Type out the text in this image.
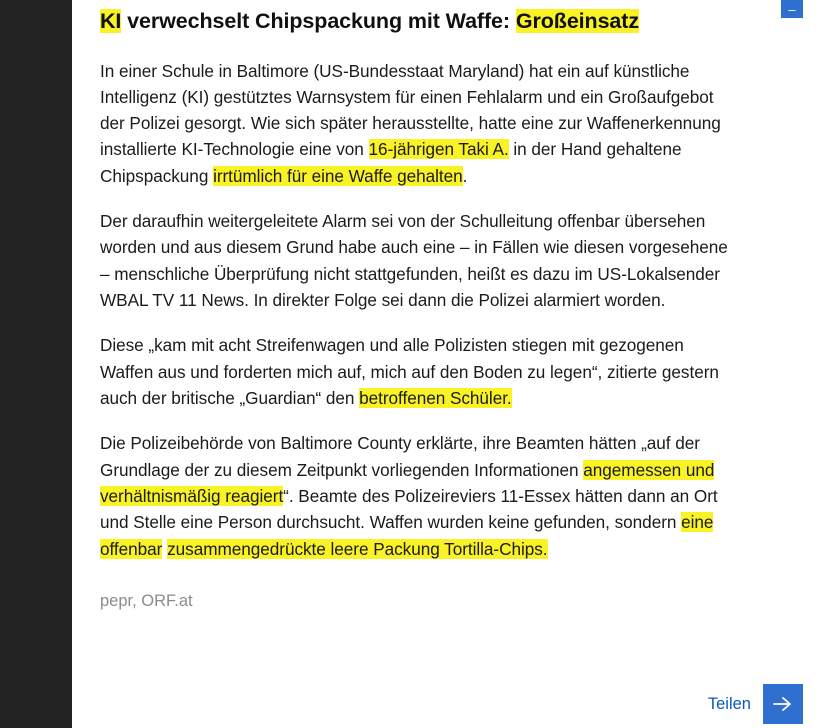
–
KI verwechselt Chipspackung mit Waffe: Großeinsatz

In einer Schule in Baltimore (US-Bundesstaat Maryland) hat ein auf künstliche Intelligenz (KI) gestütztes Warnsystem für einen Fehlalarm und ein Großaufgebot der Polizei gesorgt. Wie sich später herausstellte, hatte eine zur Waffenerkennung installierte KI-Technologie eine von 16-jährigen Taki A. in der Hand gehaltene Chipspackung irrtümlich für eine Waffe gehalten.

Der daraufhin weitergeleitete Alarm sei von der Schulleitung offenbar übersehen worden und aus diesem Grund habe auch eine – in Fällen wie diesen vorgesehene – menschliche Überprüfung nicht stattgefunden, heißt es dazu im US-Lokalsender WBAL TV 11 News. In direkter Folge sei dann die Polizei alarmiert worden.

Diese „kam mit acht Streifenwagen und alle Polizisten stiegen mit gezogenen Waffen aus und forderten mich auf, mich auf den Boden zu legen“, zitierte gestern auch der britische „Guardian“ den betroffenen Schüler.

Die Polizeibehörde von Baltimore County erklärte, ihre Beamten hätten „auf der Grundlage der zu diesem Zeitpunkt vorliegenden Informationen angemessen und verhältnismäßig reagiert“. Beamte des Polizeireviers 11-Essex hätten dann an Ort und Stelle eine Person durchsucht. Waffen wurden keine gefunden, sondern eine offenbar zusammengedrückte leere Packung Tortilla-Chips.

pepr, ORF.at

Teilen
